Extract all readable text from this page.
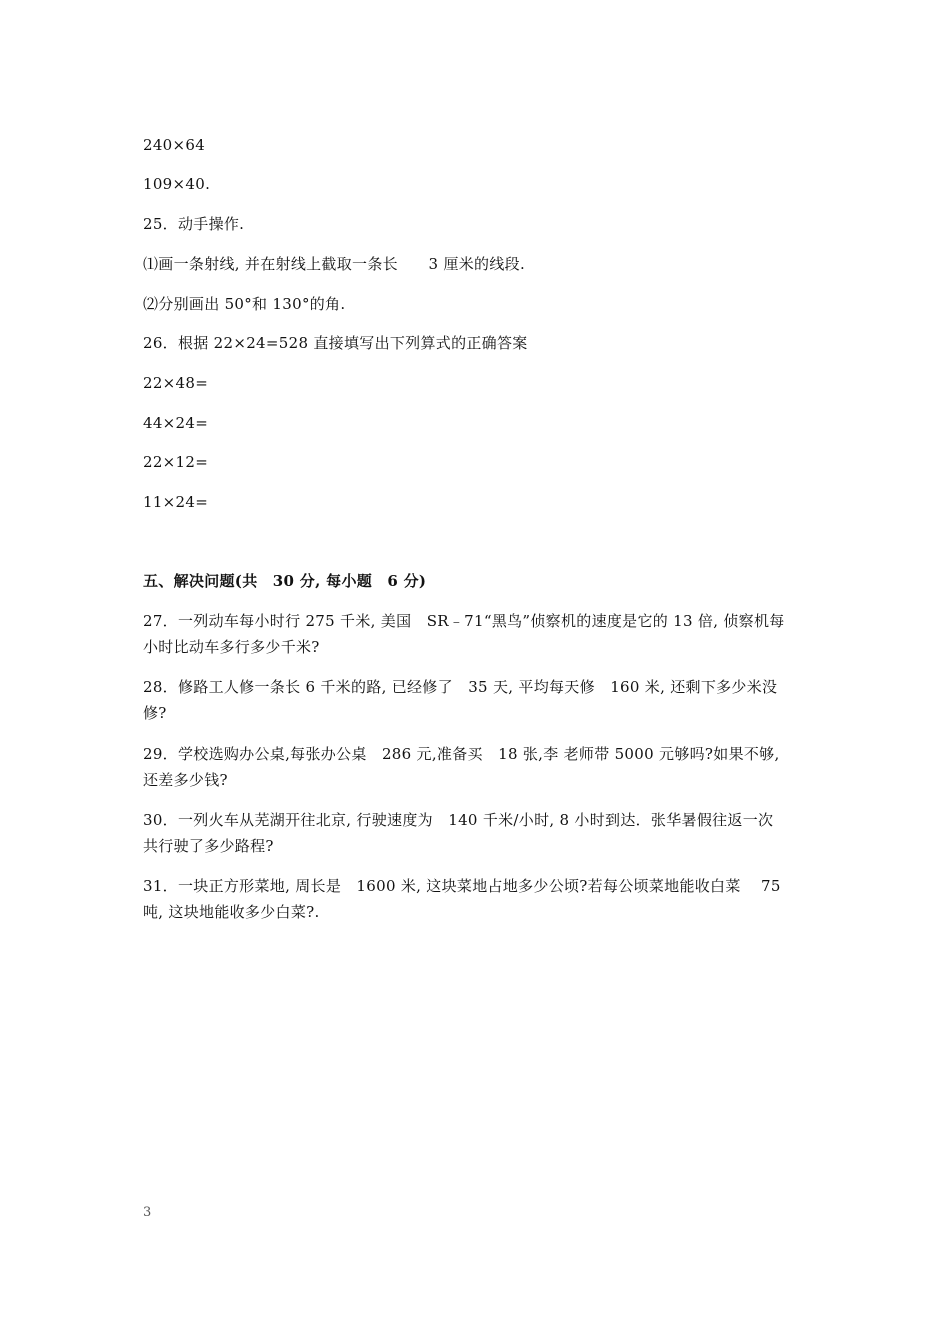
240×64
109×40.
25．动手操作.
⑴画一条射线, 并在射线上截取一条长　　3 厘米的线段.
⑵分别画出 50°和 130°的角.
26．根据 22×24=528 直接填写出下列算式的正确答案
22×48=
44×24=
22×12=
11×24=
五、解决问题(共　30 分, 每小题　6 分)
27．一列动车每小时行 275 千米, 美国　SR﹣71“黑鸟”侦察机的速度是它的 13 倍, 侦察机每
小时比动车多行多少千米?
28．修路工人修一条长 6 千米的路, 已经修了　35 天, 平均每天修　160 米, 还剩下多少米没
修?
29．学校选购办公桌,每张办公桌　286 元,准备买　18 张,李 老师带 5000 元够吗?如果不够,
还差多少钱?
30．一列火车从芜湖开往北京, 行驶速度为　140 千米/小时, 8 小时到达．张华暑假往返一次
共行驶了多少路程?
31．一块正方形菜地, 周长是　1600 米, 这块菜地占地多少公顷?若每公顷菜地能收白菜　 75
吨, 这块地能收多少白菜?.
3
